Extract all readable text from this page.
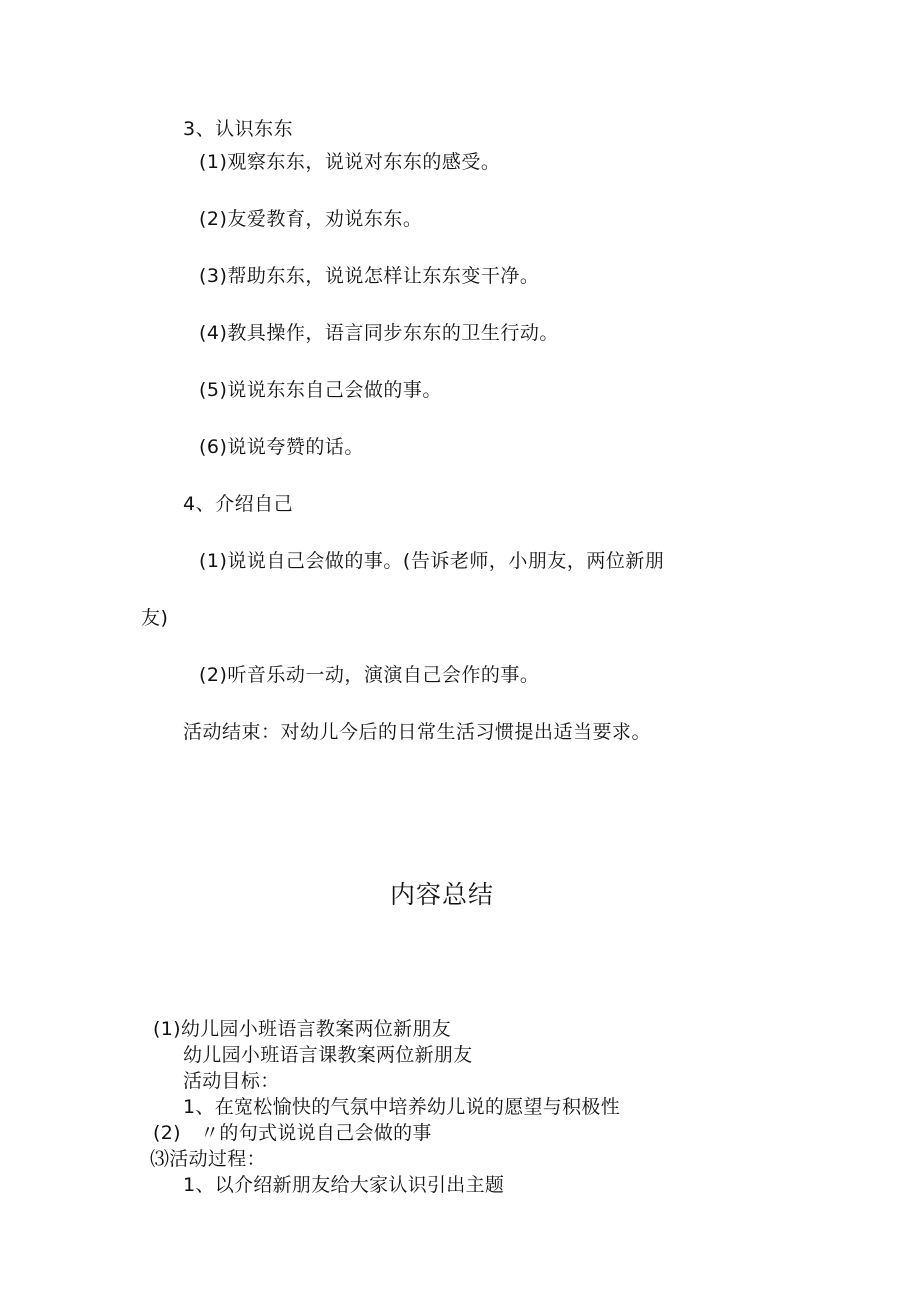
3、认识东东
(1)观察东东，说说对东东的感受。
(2)友爱教育，劝说东东。
(3)帮助东东，说说怎样让东东变干净。
(4)教具操作，语言同步东东的卫生行动。
(5)说说东东自己会做的事。
(6)说说夸赞的话。
4、介绍自己
(1)说说自己会做的事。(告诉老师，小朋友，两位新朋
友)
(2)听音乐动一动，演演自己会作的事。
活动结束：对幼儿今后的日常生活习惯提出适当要求。
内容总结
(1)幼儿园小班语言教案两位新朋友
幼儿园小班语言课教案两位新朋友
活动目标：
1、在宽松愉快的气氛中培养幼儿说的愿望与积极性
(2)　〃的句式说说自己会做的事
⑶活动过程：
1、以介绍新朋友给大家认识引出主题
